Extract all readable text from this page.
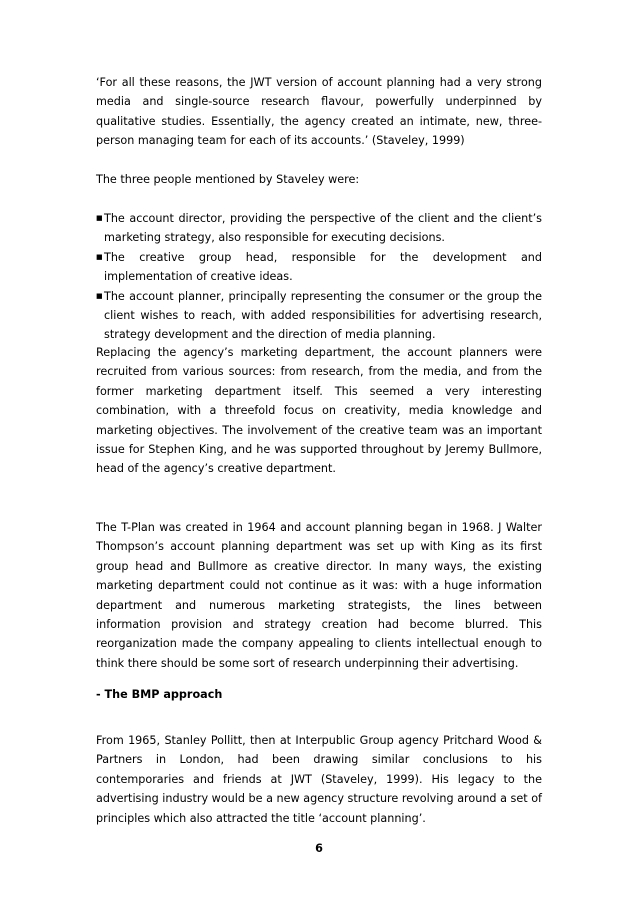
‘For all these reasons, the JWT version of account planning had a very strong media and single-source research flavour, powerfully underpinned by qualitative studies. Essentially, the agency created an intimate, new, three-person managing team for each of its accounts.’ (Staveley, 1999)

The three people mentioned by Staveley were:

■ The account director, providing the perspective of the client and the client’s marketing strategy, also responsible for executing decisions.
■ The creative group head, responsible for the development and implementation of creative ideas.
■ The account planner, principally representing the consumer or the group the client wishes to reach, with added responsibilities for advertising research, strategy development and the direction of media planning.

Replacing the agency’s marketing department, the account planners were recruited from various sources: from research, from the media, and from the former marketing department itself. This seemed a very interesting combination, with a threefold focus on creativity, media knowledge and marketing objectives. The involvement of the creative team was an important issue for Stephen King, and he was supported throughout by Jeremy Bullmore, head of the agency’s creative department.

The T-Plan was created in 1964 and account planning began in 1968. J Walter Thompson’s account planning department was set up with King as its first group head and Bullmore as creative director. In many ways, the existing marketing department could not continue as it was: with a huge information department and numerous marketing strategists, the lines between information provision and strategy creation had become blurred. This reorganization made the company appealing to clients intellectual enough to think there should be some sort of research underpinning their advertising.

- The BMP approach

From 1965, Stanley Pollitt, then at Interpublic Group agency Pritchard Wood & Partners in London, had been drawing similar conclusions to his contemporaries and friends at JWT (Staveley, 1999). His legacy to the advertising industry would be a new agency structure revolving around a set of principles which also attracted the title ‘account planning’.

6
